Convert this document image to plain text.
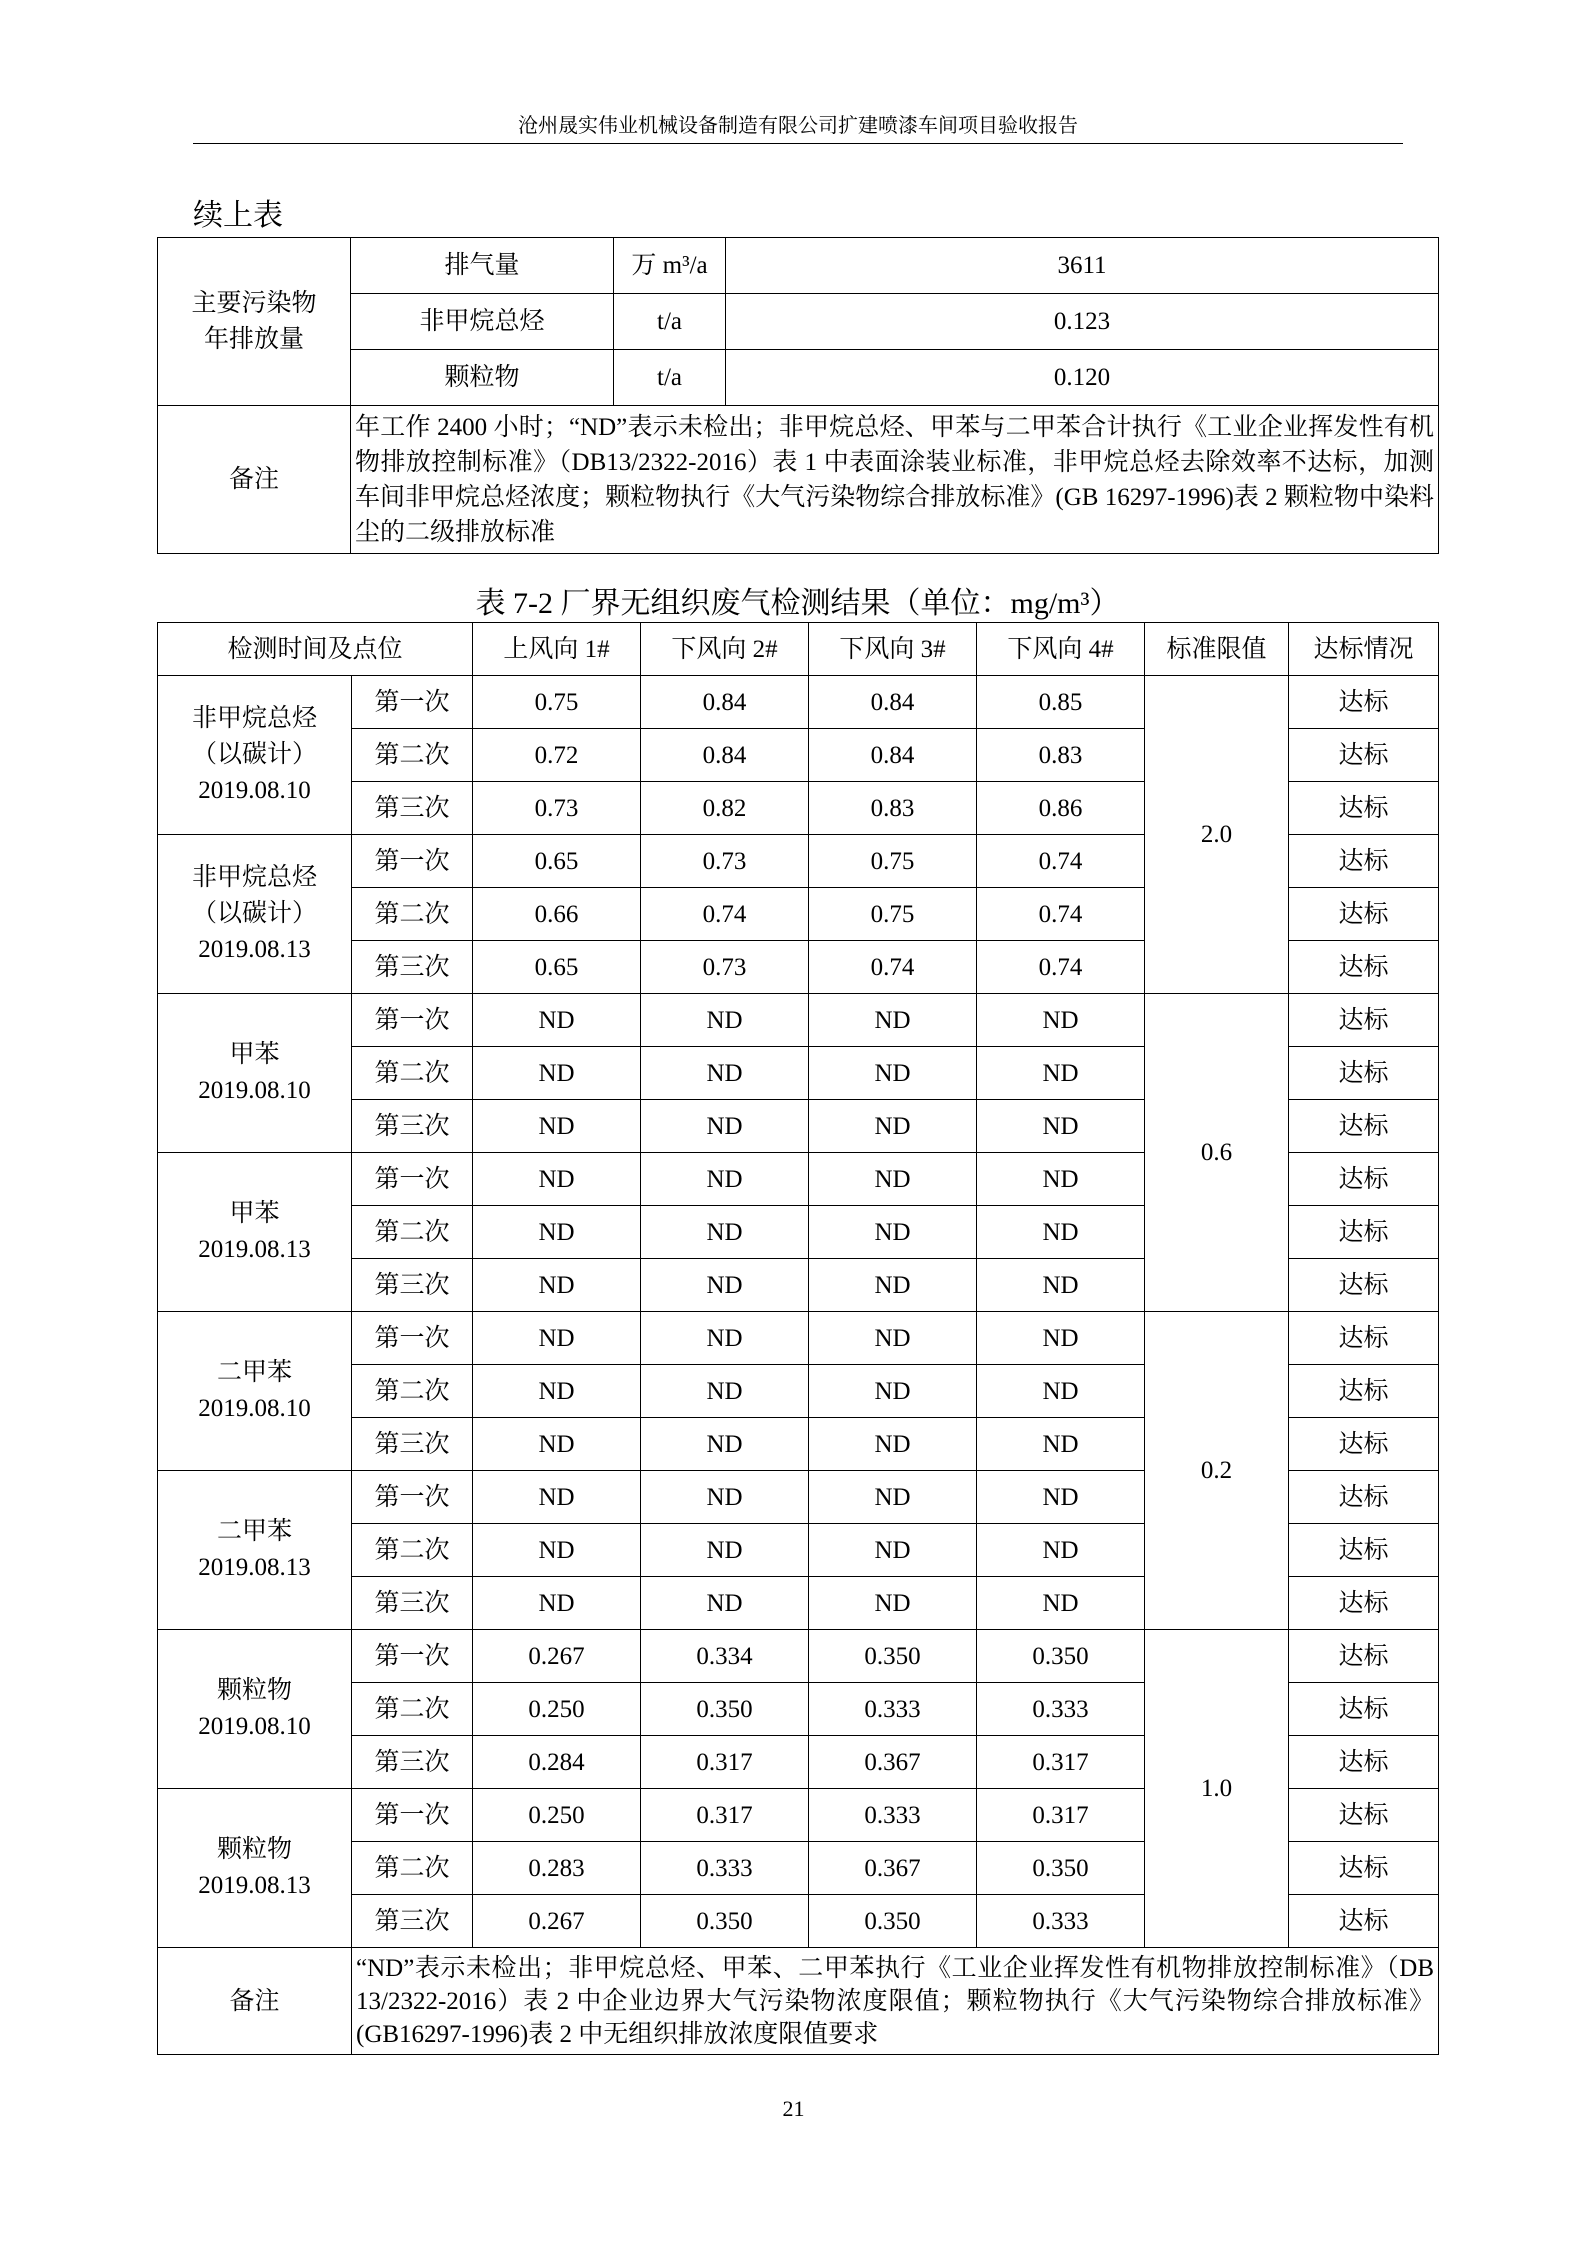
沧州晟实伟业机械设备制造有限公司扩建喷漆车间项目验收报告
续上表
主要污染物
年排放量	排气量	万 m³/a	3611
	非甲烷总烃	t/a	0.123
	颗粒物	t/a	0.120
备注	年工作 2400 小时；“ND”表示未检出；非甲烷总烃、甲苯与二甲苯合计执行《工业企业挥发性有机物排放控制标准》（DB13/2322-2016）表 1 中表面涂装业标准，非甲烷总烃去除效率不达标，加测车间非甲烷总烃浓度；颗粒物执行《大气污染物综合排放标准》(GB 16297-1996)表 2 颗粒物中染料尘的二级排放标准		
表 7-2 厂界无组织废气检测结果（单位：mg/m³）
检测时间及点位		上风向 1#	下风向 2#	下风向 3#	下风向 4#	标准限值	达标情况
非甲烷总烃
（以碳计）
2019.08.10	第一次	0.75	0.84	0.84	0.85	2.0	达标
	第二次	0.72	0.84	0.84	0.83		达标
	第三次	0.73	0.82	0.83	0.86		达标
非甲烷总烃
（以碳计）
2019.08.13	第一次	0.65	0.73	0.75	0.74		达标
	第二次	0.66	0.74	0.75	0.74		达标
	第三次	0.65	0.73	0.74	0.74		达标
甲苯
2019.08.10	第一次	ND	ND	ND	ND	0.6	达标
	第二次	ND	ND	ND	ND		达标
	第三次	ND	ND	ND	ND		达标
甲苯
2019.08.13	第一次	ND	ND	ND	ND		达标
	第二次	ND	ND	ND	ND		达标
	第三次	ND	ND	ND	ND		达标
二甲苯
2019.08.10	第一次	ND	ND	ND	ND	0.2	达标
	第二次	ND	ND	ND	ND		达标
	第三次	ND	ND	ND	ND		达标
二甲苯
2019.08.13	第一次	ND	ND	ND	ND		达标
	第二次	ND	ND	ND	ND		达标
	第三次	ND	ND	ND	ND		达标
颗粒物
2019.08.10	第一次	0.267	0.334	0.350	0.350	1.0	达标
	第二次	0.250	0.350	0.333	0.333		达标
	第三次	0.284	0.317	0.367	0.317		达标
颗粒物
2019.08.13	第一次	0.250	0.317	0.333	0.317		达标
	第二次	0.283	0.333	0.367	0.350		达标
	第三次	0.267	0.350	0.350	0.333		达标
备注	“ND”表示未检出；非甲烷总烃、甲苯、二甲苯执行《工业企业挥发性有机物排放控制标准》（DB 13/2322-2016）表 2 中企业边界大气污染物浓度限值；颗粒物执行《大气污染物综合排放标准》(GB16297-1996)表 2 中无组织排放浓度限值要求						
21
